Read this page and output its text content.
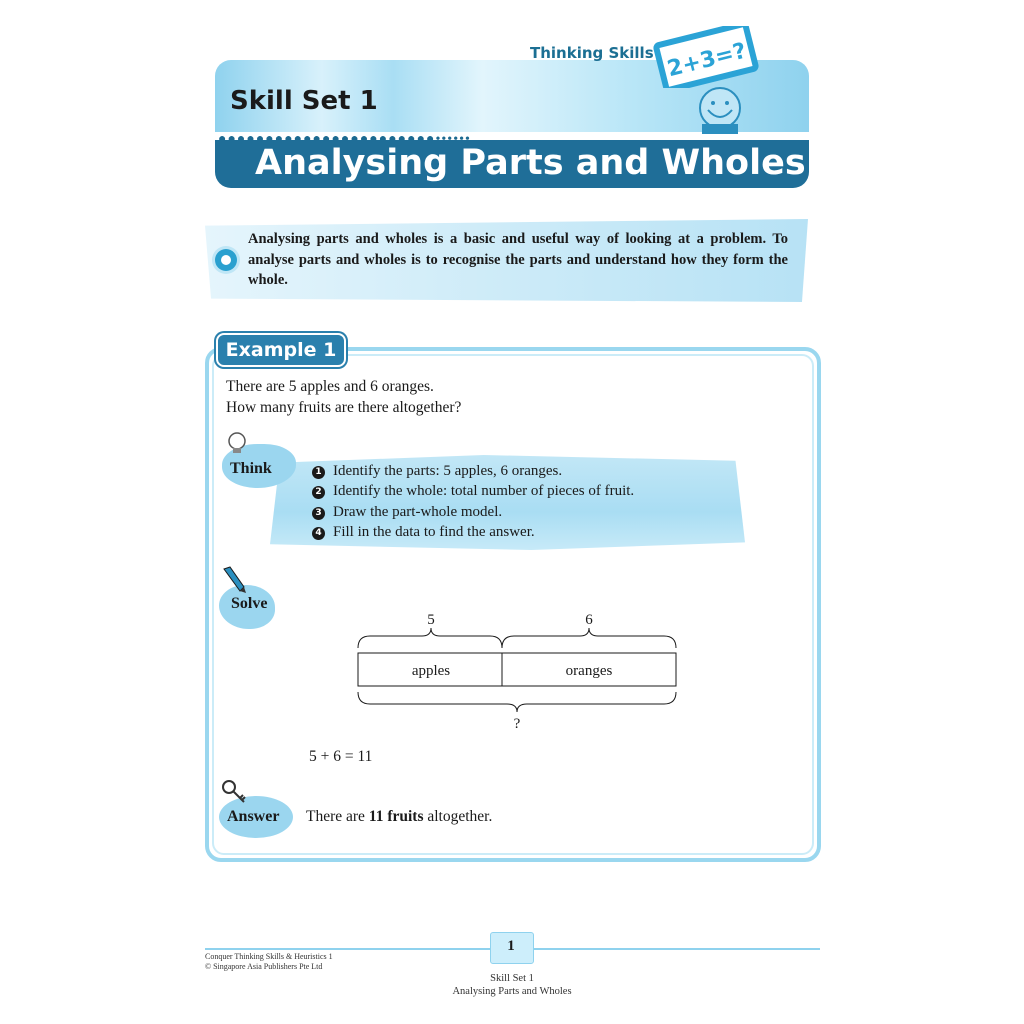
Thinking Skills
Skill Set 1
Analysing Parts and Wholes
2+3=?
Analysing parts and wholes is a basic and useful way of looking at a problem. To analyse parts and wholes is to recognise the parts and understand how they form the whole.
Example 1
There are 5 apples and 6 oranges.
How many fruits are there altogether?
Think	1 Identify the parts: 5 apples, 6 oranges.
2 Identify the whole: total number of pieces of fruit.
3 Draw the part-whole model.
4 Fill in the data to find the answer.
Solve
5	6
apples	oranges
?
5 + 6 = 11
Answer There are 11 fruits altogether.
Conquer Thinking Skills & Heuristics 1
© Singapore Asia Publishers Pte Ltd
1
Skill Set 1
Analysing Parts and Wholes
